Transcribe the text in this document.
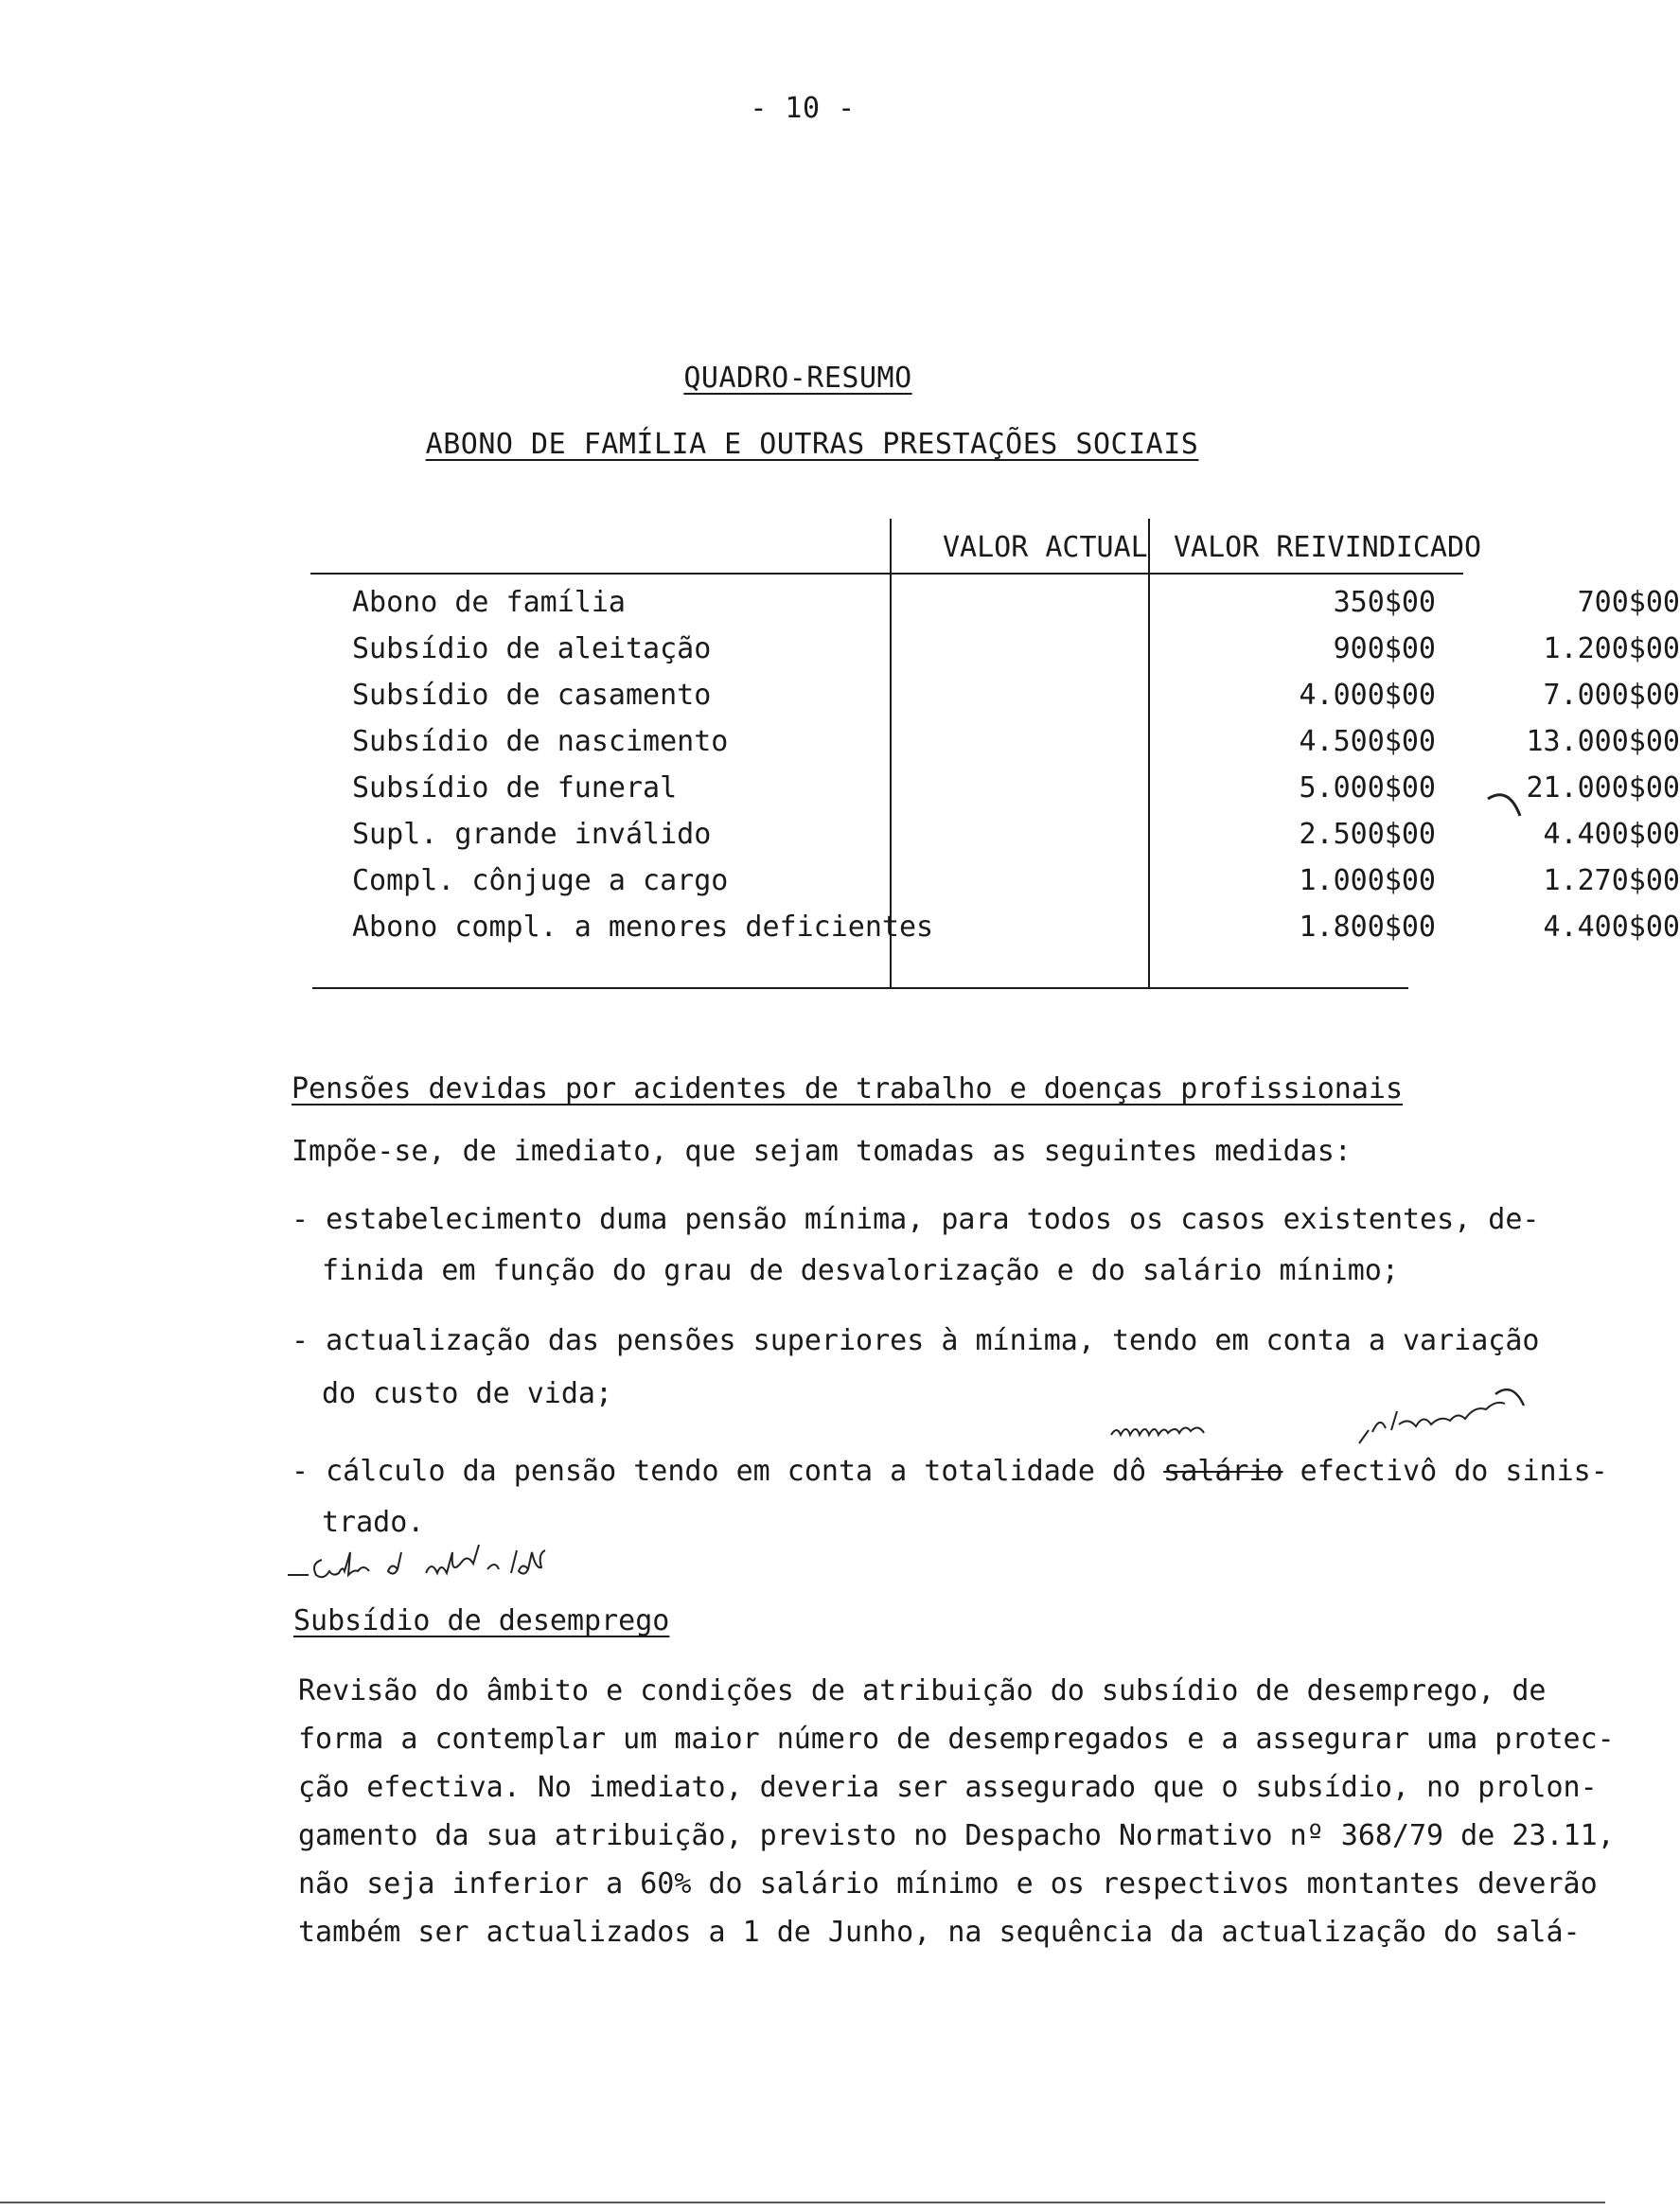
- 10 -
QUADRO-RESUMO
ABONO DE FAMÍLIA E OUTRAS PRESTAÇÕES SOCIAIS
VALOR ACTUAL VALOR REIVINDICADO
Abono de família	350$00	700$00
Subsídio de aleitação	900$00	1.200$00
Subsídio de casamento	4.000$00	7.000$00
Subsídio de nascimento	4.500$00	13.000$00
Subsídio de funeral	5.000$00	21.000$00
Supl. grande inválido	2.500$00	4.400$00
Compl. cônjuge a cargo	1.000$00	1.270$00
Abono compl. a menores deficientes	1.800$00	4.400$00
Pensões devidas por acidentes de trabalho e doenças profissionais
Impõe-se, de imediato, que sejam tomadas as seguintes medidas:
- estabelecimento duma pensão mínima, para todos os casos existentes, de-
finida em função do grau de desvalorização e do salário mínimo;
- actualização das pensões superiores à mínima, tendo em conta a variação
do custo de vida;
- cálculo da pensão tendo em conta a totalidade dô salário efectivô do sinis-
trado.
Subsídio de desemprego
Revisão do âmbito e condições de atribuição do subsídio de desemprego, de
forma a contemplar um maior número de desempregados e a assegurar uma protec-
ção efectiva. No imediato, deveria ser assegurado que o subsídio, no prolon-
gamento da sua atribuição, previsto no Despacho Normativo nº 368/79 de 23.11,
não seja inferior a 60% do salário mínimo e os respectivos montantes deverão
também ser actualizados a 1 de Junho, na sequência da actualização do salá-
